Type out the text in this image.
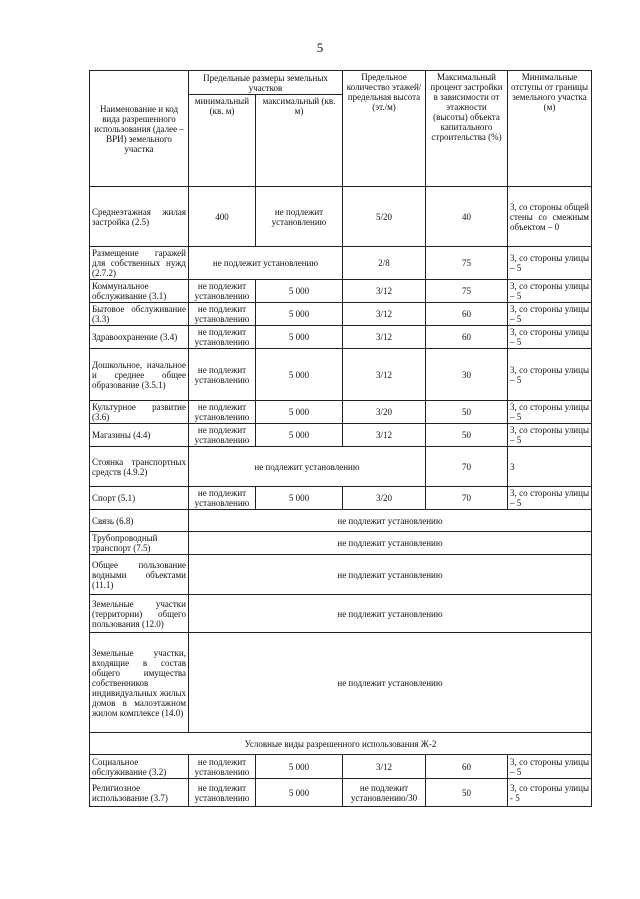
5
Наименование и код вида разрешенного использования (далее – ВРИ) земельного участка	Предельные размеры земельных участков		Предельное количество этажей/предельная высота (эт./м)	Максимальный процент застройки в зависимости от этажности (высоты) объекта капитального строительства (%)	Минимальные отступы от границы земельного участка (м)
	минимальный (кв. м)	максимальный (кв. м)			
Среднеэтажная жилая застройка (2.5)	400	не подлежит установлению	5/20	40	3, со стороны общей стены со смежным объектом – 0
Размещение гаражей для собственных нужд (2.7.2)	не подлежит установлению		2/8	75	3, со стороны улицы – 5
Коммунальное обслуживание (3.1)	не подлежит установлению	5 000	3/12	75	3, со стороны улицы – 5
Бытовое обслуживание (3.3)	не подлежит установлению	5 000	3/12	60	3, со стороны улицы – 5
Здравоохранение (3.4)	не подлежит установлению	5 000	3/12	60	3, со стороны улицы – 5
Дошкольное, начальное и среднее общее образование (3.5.1)	не подлежит установлению	5 000	3/12	30	3, со стороны улицы – 5
Культурное развитие (3.6)	не подлежит установлению	5 000	3/20	50	3, со стороны улицы – 5
Магазины (4.4)	не подлежит установлению	5 000	3/12	50	3, со стороны улицы – 5
Стоянка транспортных средств (4.9.2)	не подлежит установлению			70	3
Спорт (5.1)	не подлежит установлению	5 000	3/20	70	3, со стороны улицы – 5
Связь (6.8)	не подлежит установлению				
Трубопроводный транспорт (7.5)	не подлежит установлению				
Общее пользование водными объектами (11.1)	не подлежит установлению				
Земельные участки (территории) общего пользования (12.0)	не подлежит установлению				
Земельные участки, входящие в состав общего имущества собственников индивидуальных жилых домов в малоэтажном жилом комплексе (14.0)	не подлежит установлению				
Условные виды разрешенного использования Ж-2					
Социальное обслуживание (3.2)	не подлежит установлению	5 000	3/12	60	3, со стороны улицы – 5
Религиозное использование (3.7)	не подлежит установлению	5 000	не подлежит установлению/30	50	3, со стороны улицы - 5
